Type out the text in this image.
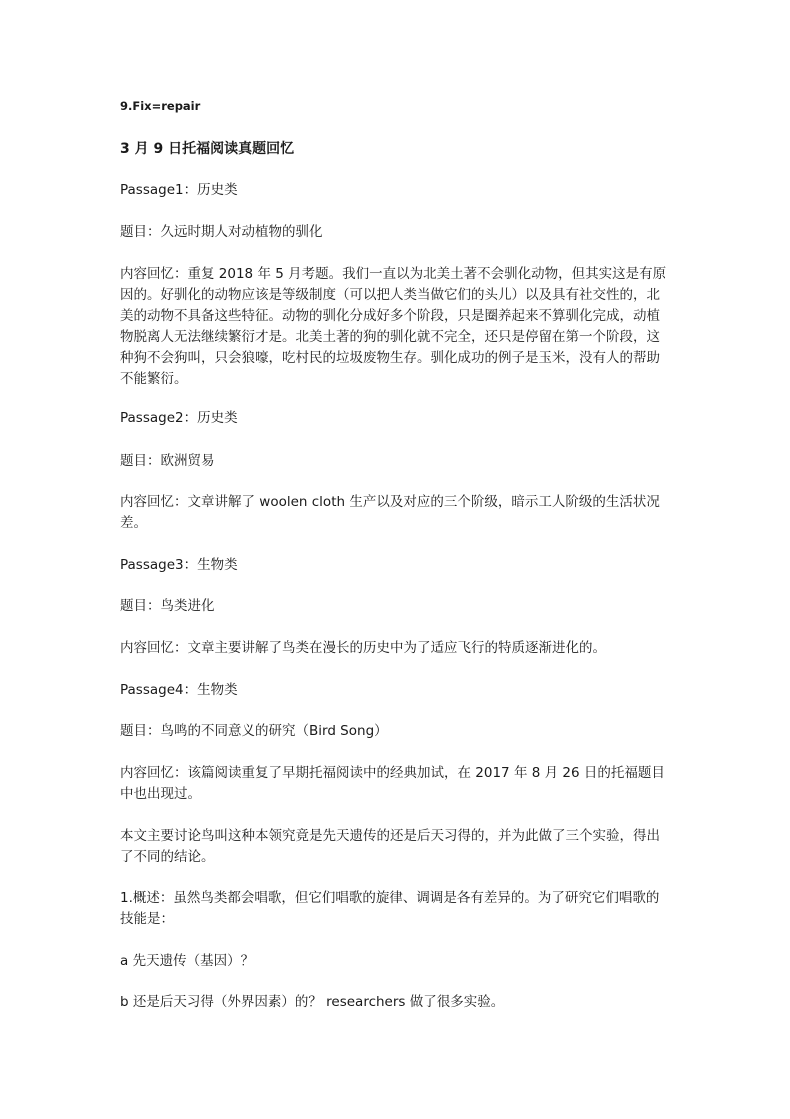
9.Fix=repair

3 月 9 日托福阅读真题回忆

Passage1：历史类

题目：久远时期人对动植物的驯化

内容回忆：重复 2018 年 5 月考题。我们一直以为北美土著不会驯化动物，但其实这是有原因的。好驯化的动物应该是等级制度（可以把人类当做它们的头儿）以及具有社交性的，北美的动物不具备这些特征。动物的驯化分成好多个阶段，只是圈养起来不算驯化完成，动植物脱离人无法继续繁衍才是。北美土著的狗的驯化就不完全，还只是停留在第一个阶段，这种狗不会狗叫，只会狼嚎，吃村民的垃圾废物生存。驯化成功的例子是玉米，没有人的帮助不能繁衍。

Passage2：历史类

题目：欧洲贸易

内容回忆：文章讲解了 woolen cloth 生产以及对应的三个阶级，暗示工人阶级的生活状况差。

Passage3：生物类

题目：鸟类进化

内容回忆：文章主要讲解了鸟类在漫长的历史中为了适应飞行的特质逐渐进化的。

Passage4：生物类

题目：鸟鸣的不同意义的研究（Bird Song）

内容回忆：该篇阅读重复了早期托福阅读中的经典加试，在 2017 年 8 月 26 日的托福题目中也出现过。

本文主要讨论鸟叫这种本领究竟是先天遗传的还是后天习得的，并为此做了三个实验，得出了不同的结论。

1.概述：虽然鸟类都会唱歌，但它们唱歌的旋律、调调是各有差异的。为了研究它们唱歌的技能是：

a 先天遗传（基因）？

b 还是后天习得（外界因素）的？ researchers 做了很多实验。
